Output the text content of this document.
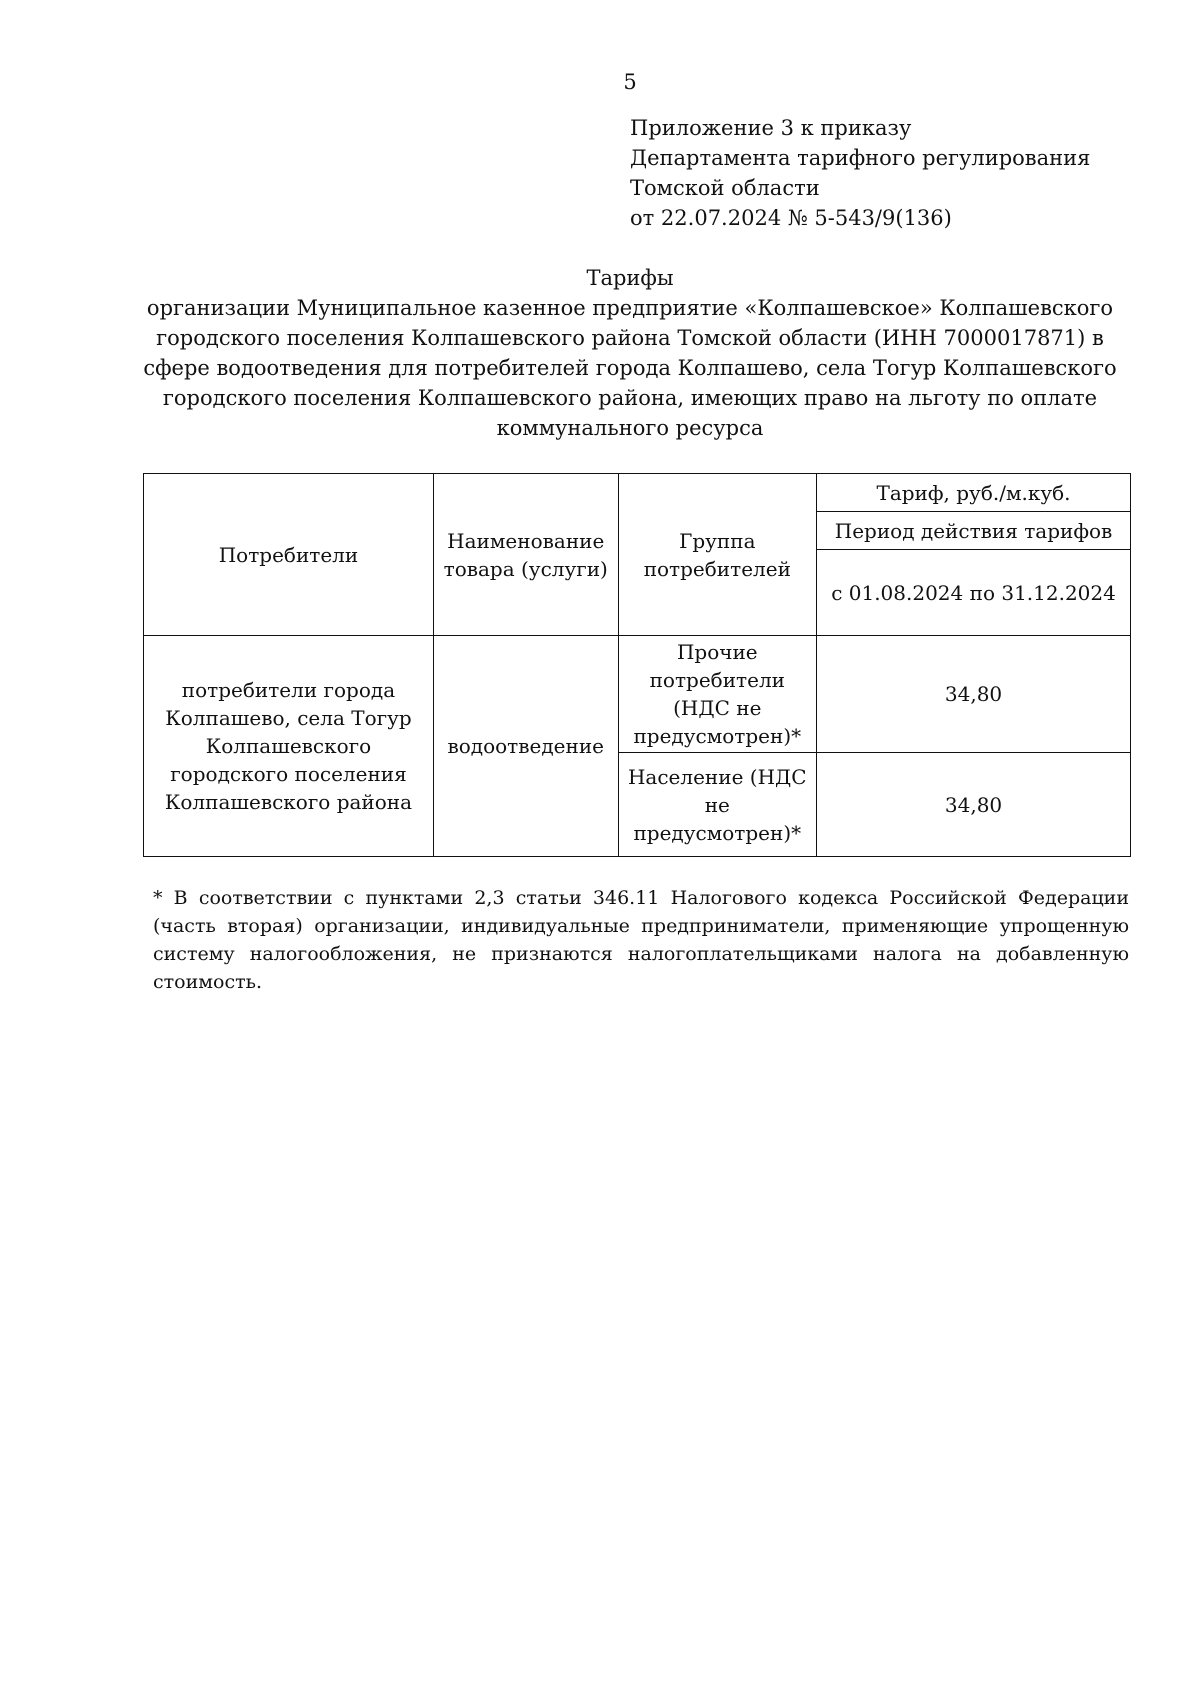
5
Приложение 3 к приказу
Департамента тарифного регулирования
Томской области
от 22.07.2024 № 5-543/9(136)
Тарифы
организации Муниципальное казенное предприятие «Колпашевское» Колпашевского городского поселения Колпашевского района Томской области (ИНН 7000017871) в сфере водоотведения для потребителей города Колпашево, села Тогур Колпашевского городского поселения Колпашевского района, имеющих право на льготу по оплате коммунального ресурса
Потребители	Наименование товара (услуги)	Группа потребителей	Тариф, руб./м.куб.
			Период действия тарифов
			с 01.08.2024 по 31.12.2024
потребители города Колпашево, села Тогур Колпашевского городского поселения Колпашевского района	водоотведение	Прочие потребители (НДС не предусмотрен)*	34,80
		Население (НДС не предусмотрен)*	34,80
* В соответствии с пунктами 2,3 статьи 346.11 Налогового кодекса Российской Федерации (часть вторая) организации, индивидуальные предприниматели, применяющие упрощенную систему налогообложения, не признаются налогоплательщиками налога на добавленную стоимость.
